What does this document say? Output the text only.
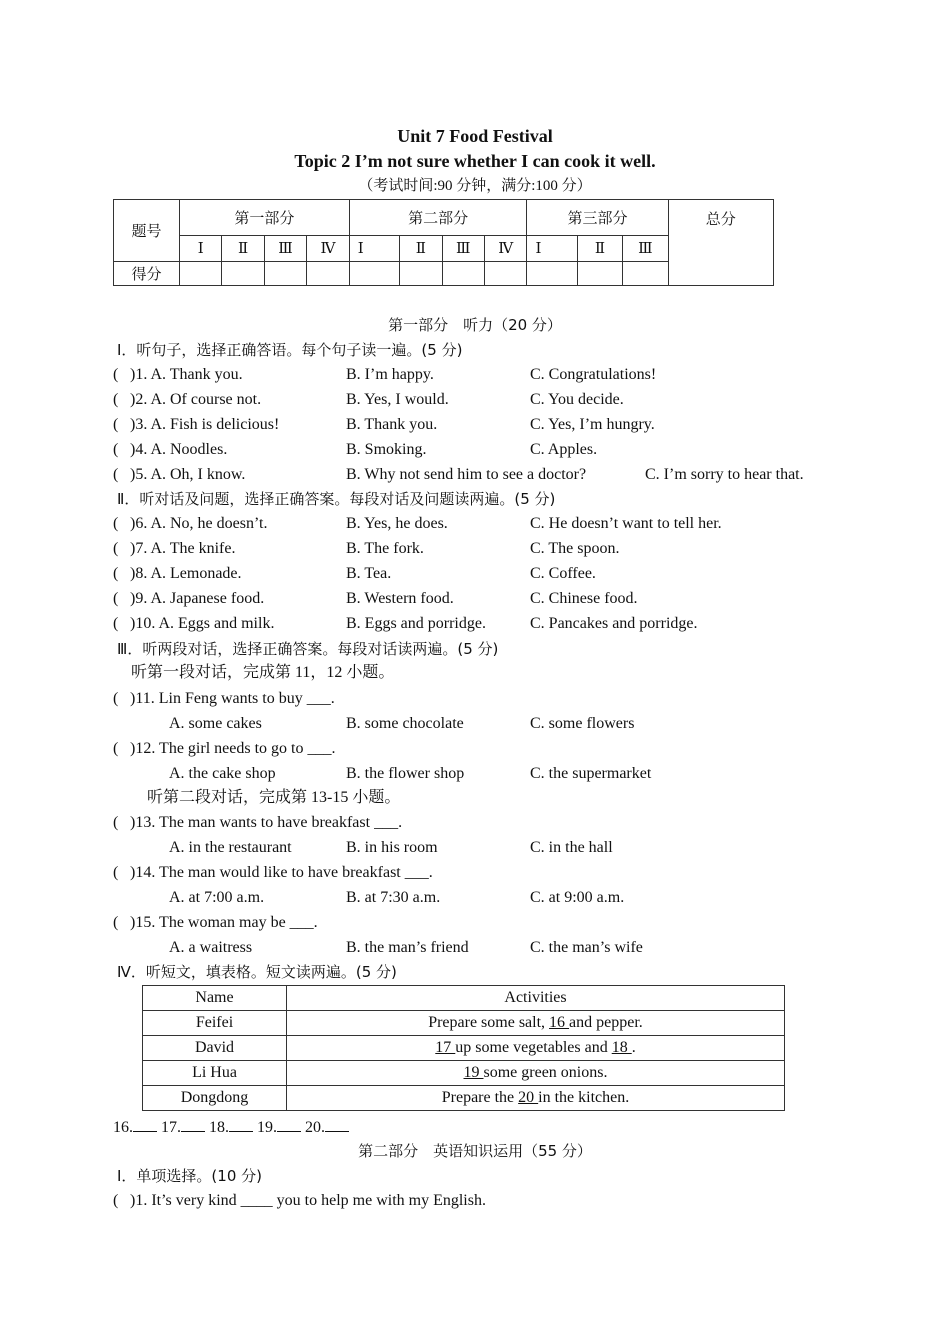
Unit 7 Food Festival
Topic 2 I’m not sure whether I can cook it well.
（考试时间:90 分钟，满分:100 分）
题号	第一部分				第二部分				第三部分			总分
	Ⅰ	Ⅱ	Ⅲ	Ⅳ	Ⅰ	Ⅱ	Ⅲ	Ⅳ	Ⅰ	Ⅱ	Ⅲ	
得分												
第一部分　听力（20 分）
Ⅰ．听句子，选择正确答语。每个句子读一遍。(5 分)
( )1. A. Thank you.	B. I’m happy.	C. Congratulations!
( )2. A. Of course not.	B. Yes, I would.	C. You decide.
( )3. A. Fish is delicious!	B. Thank you.	C. Yes, I’m hungry.
( )4. A. Noodles.	B. Smoking.	C. Apples.
( )5. A. Oh, I know.	B. Why not send him to see a doctor?	C. I’m sorry to hear that.
Ⅱ．听对话及问题，选择正确答案。每段对话及问题读两遍。(5 分)
( )6. A. No, he doesn’t.	B. Yes, he does.	C. He doesn’t want to tell her.
( )7. A. The knife.	B. The fork.	C. The spoon.
( )8. A. Lemonade.	B. Tea.	C. Coffee.
( )9. A. Japanese food.	B. Western food.	C. Chinese food.
( )10. A. Eggs and milk.	B. Eggs and porridge.	C. Pancakes and porridge.
Ⅲ．听两段对话，选择正确答案。每段对话读两遍。(5 分)
听第一段对话，完成第 11，12 小题。
( )11. Lin Feng wants to buy ___.
A. some cakes	B. some chocolate	C. some flowers
( )12. The girl needs to go to ___.
A. the cake shop	B. the flower shop	C. the supermarket
听第二段对话，完成第 13-15 小题。
( )13. The man wants to have breakfast ___.
A. in the restaurant	B. in his room	C. in the hall
( )14. The man would like to have breakfast ___.
A. at 7:00 a.m.	B. at 7:30 a.m.	C. at 9:00 a.m.
( )15. The woman may be ___.
A. a waitress	B. the man’s friend	C. the man’s wife
Ⅳ．听短文，填表格。短文读两遍。(5 分)
Name	Activities
Feifei	Prepare some salt, 16 and pepper.
David	17 up some vegetables and 18 .
Li Hua	19 some green onions.
Dongdong	Prepare the 20 in the kitchen.
16. 17. 18. 19. 20.
第二部分　英语知识运用（55 分）
Ⅰ．单项选择。(10 分)
( )1. It’s very kind ____ you to help me with my English.
